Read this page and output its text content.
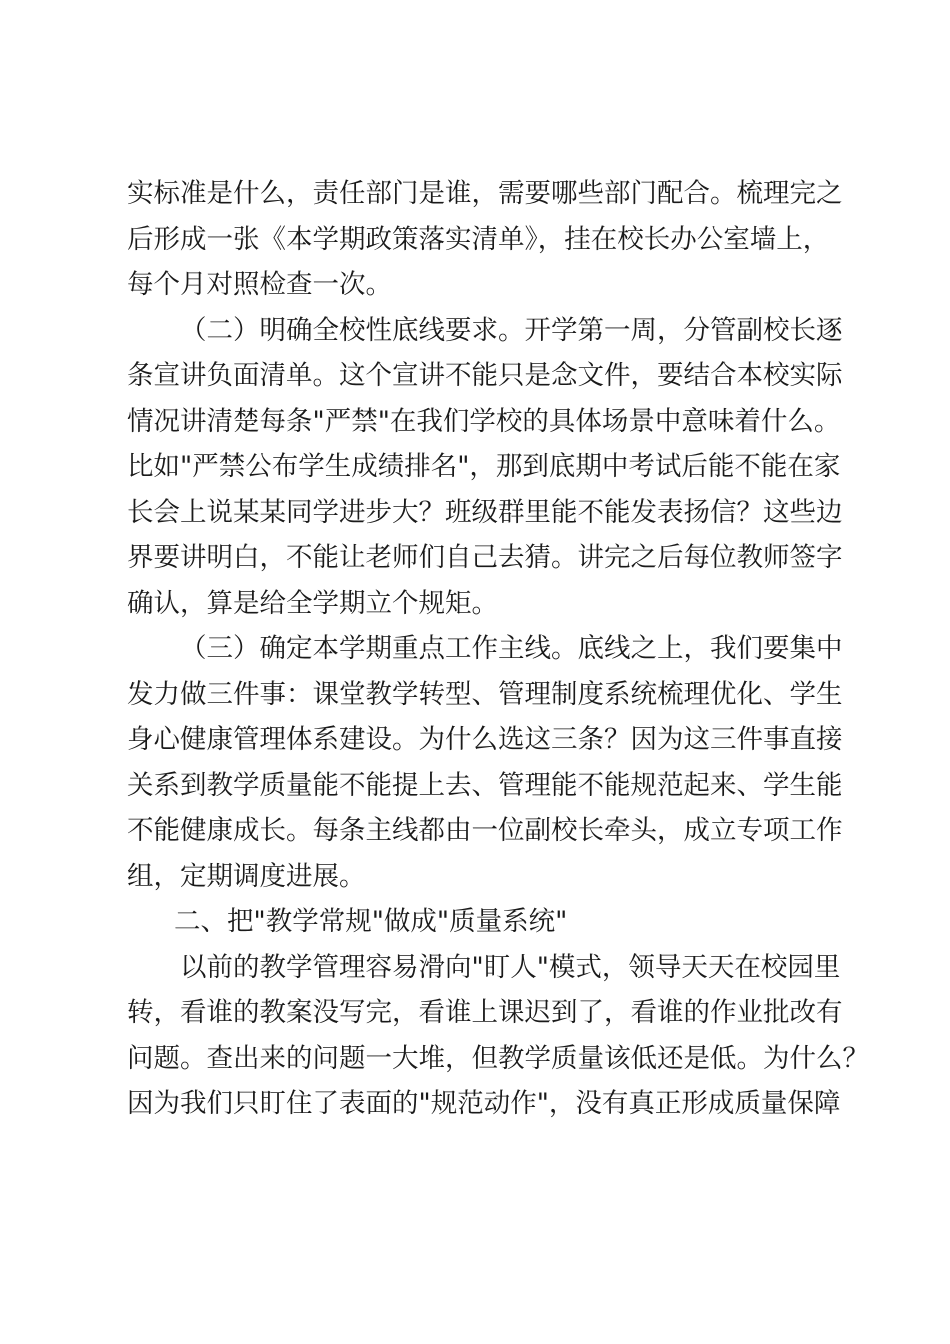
实标准是什么，责任部门是谁，需要哪些部门配合。梳理完之
后形成一张《本学期政策落实清单》，挂在校长办公室墙上，
每个月对照检查一次。
（二）明确全校性底线要求。开学第一周，分管副校长逐
条宣讲负面清单。这个宣讲不能只是念文件，要结合本校实际
情况讲清楚每条"严禁"在我们学校的具体场景中意味着什么。
比如"严禁公布学生成绩排名"，那到底期中考试后能不能在家
长会上说某某同学进步大？班级群里能不能发表扬信？这些边
界要讲明白，不能让老师们自己去猜。讲完之后每位教师签字
确认，算是给全学期立个规矩。
（三）确定本学期重点工作主线。底线之上，我们要集中
发力做三件事：课堂教学转型、管理制度系统梳理优化、学生
身心健康管理体系建设。为什么选这三条？因为这三件事直接
关系到教学质量能不能提上去、管理能不能规范起来、学生能
不能健康成长。每条主线都由一位副校长牵头，成立专项工作
组，定期调度进展。
二、把"教学常规"做成"质量系统"
以前的教学管理容易滑向"盯人"模式，领导天天在校园里
转，看谁的教案没写完，看谁上课迟到了，看谁的作业批改有
问题。查出来的问题一大堆，但教学质量该低还是低。为什么？
因为我们只盯住了表面的"规范动作"，没有真正形成质量保障
